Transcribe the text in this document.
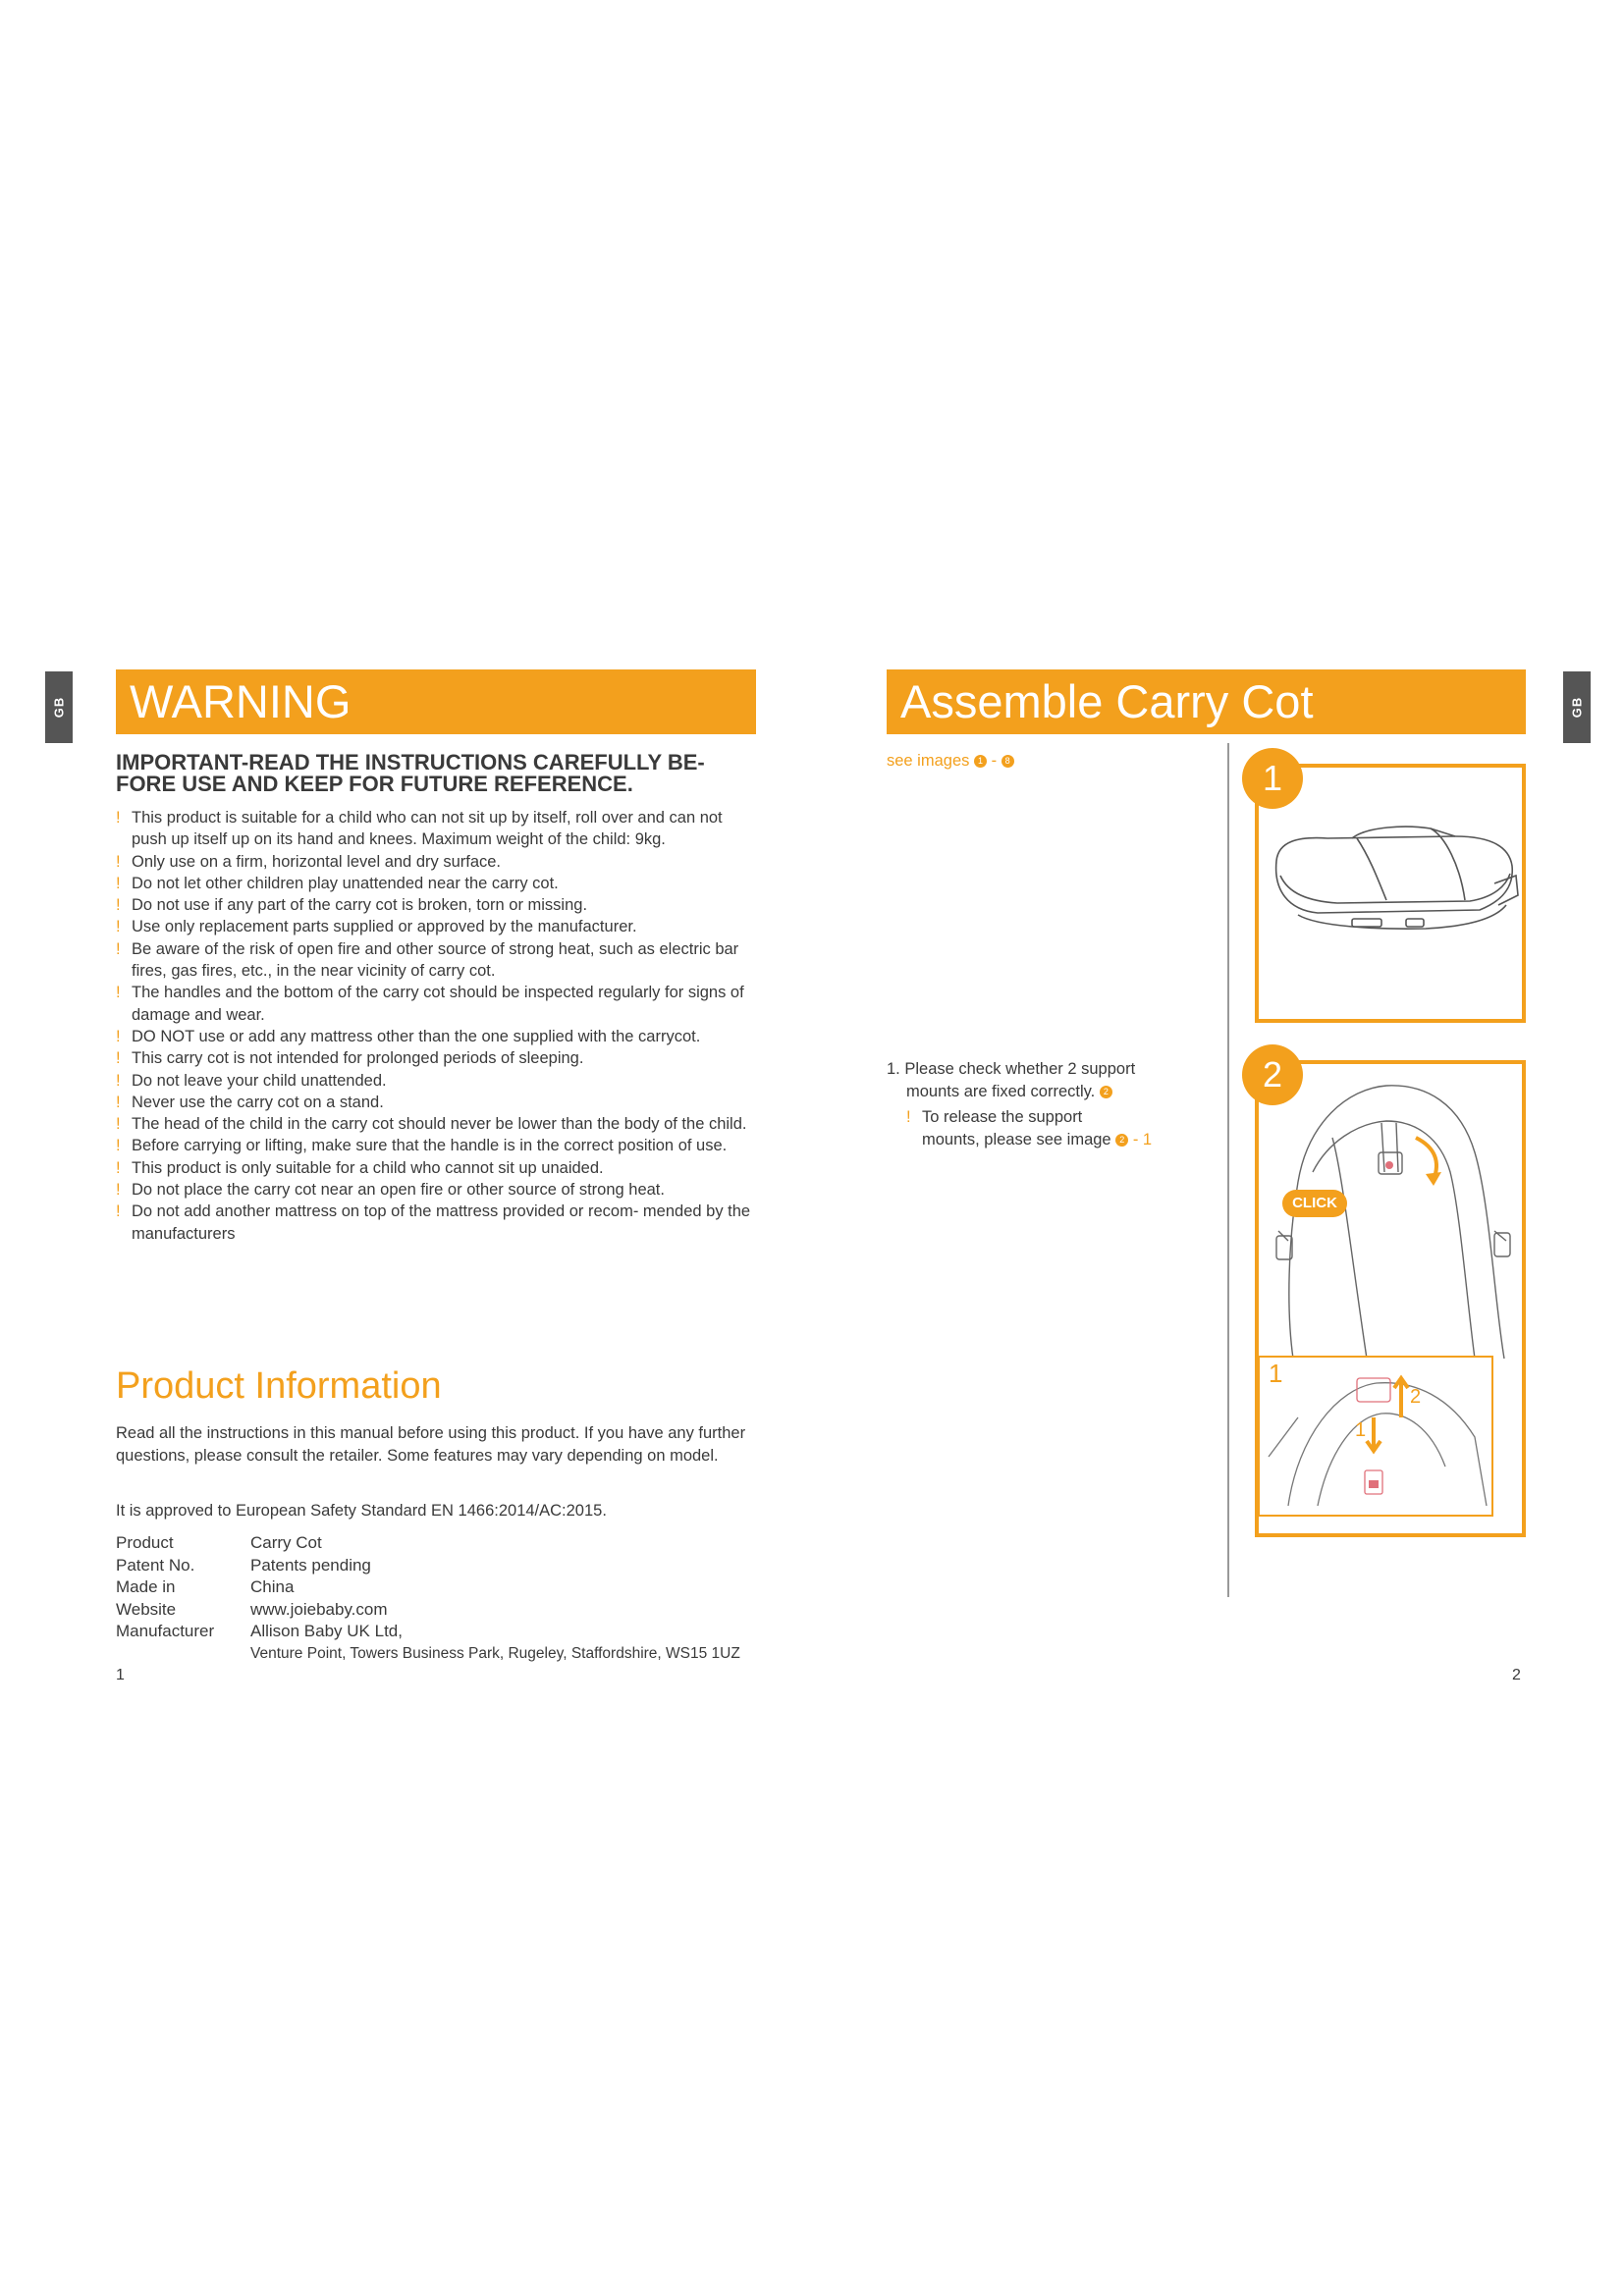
GB WARNING
IMPORTANT-READ THE INSTRUCTIONS CAREFULLY BE-
FORE USE AND KEEP FOR FUTURE REFERENCE.
! This product is suitable for a child who can not sit up by itself, roll over and can not push up itself up on its hand and knees. Maximum weight of the child: 9kg.
! Only use on a firm, horizontal level and dry surface.
! Do not let other children play unattended near the carry cot.
! Do not use if any part of the carry cot is broken, torn or missing.
! Use only replacement parts supplied or approved by the manufacturer.
! Be aware of the risk of open fire and other source of strong heat, such as electric bar fires, gas fires, etc., in the near vicinity of carry cot.
! The handles and the bottom of the carry cot should be inspected regularly for signs of damage and wear.
! DO NOT use or add any mattress other than the one supplied with the carrycot.
! This carry cot is not intended for prolonged periods of sleeping.
! Do not leave your child unattended.
! Never use the carry cot on a stand.
! The head of the child in the carry cot should never be lower than the body of the child.
! Before carrying or lifting, make sure that the handle is in the correct position of use.
! This product is only suitable for a child who cannot sit up unaided.
! Do not place the carry cot near an open fire or other source of strong heat.
! Do not add another mattress on top of the mattress provided or recom- mended by the manufacturers
Product Information

Read all the instructions in this manual before using this product. If you have any further questions, please consult the retailer. Some features may vary depending on model.

It is approved to European Safety Standard EN 1466:2014/AC:2015.

Product	Carry Cot
Patent No.	Patents pending
Made in	China
Website	www.joiebaby.com
Manufacturer	Allison Baby UK Ltd,
Venture Point, Towers Business Park, Rugeley, Staffordshire, WS15 1UZ
1
GB
Assemble Carry Cot
see images 1 - 8
1. Please check whether 2 support
mounts are fixed correctly. 2
! To release the support
mounts, please see image 2 - 1
1
CLICK
1
2
1
2
2
